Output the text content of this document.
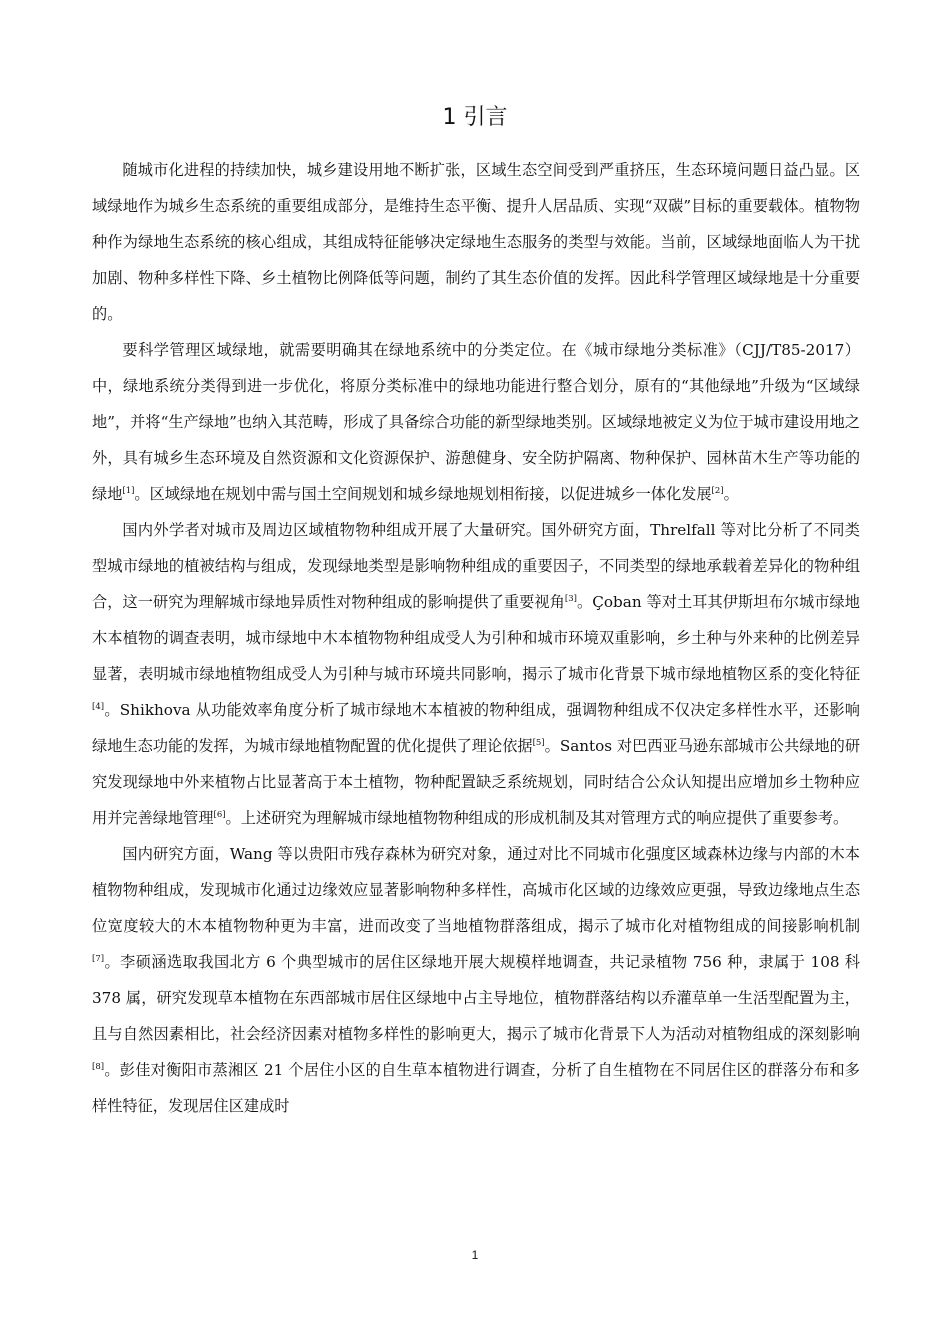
1 引言

随城市化进程的持续加快，城乡建设用地不断扩张，区域生态空间受到严重挤压，生态环境问题日益凸显。区域绿地作为城乡生态系统的重要组成部分，是维持生态平衡、提升人居品质、实现“双碳”目标的重要载体。植物物种作为绿地生态系统的核心组成，其组成特征能够决定绿地生态服务的类型与效能。当前，区域绿地面临人为干扰加剧、物种多样性下降、乡土植物比例降低等问题，制约了其生态价值的发挥。因此科学管理区域绿地是十分重要的。

要科学管理区域绿地，就需要明确其在绿地系统中的分类定位。在《城市绿地分类标准》（CJJ/T85-2017）中，绿地系统分类得到进一步优化，将原分类标准中的绿地功能进行整合划分，原有的“其他绿地”升级为“区域绿地”，并将“生产绿地”也纳入其范畴，形成了具备综合功能的新型绿地类别。区域绿地被定义为位于城市建设用地之外，具有城乡生态环境及自然资源和文化资源保护、游憩健身、安全防护隔离、物种保护、园林苗木生产等功能的绿地[1]。区域绿地在规划中需与国土空间规划和城乡绿地规划相衔接，以促进城乡一体化发展[2]。

国内外学者对城市及周边区域植物物种组成开展了大量研究。国外研究方面，Threlfall 等对比分析了不同类型城市绿地的植被结构与组成，发现绿地类型是影响物种组成的重要因子，不同类型的绿地承载着差异化的物种组合，这一研究为理解城市绿地异质性对物种组成的影响提供了重要视角[3]。Çoban 等对土耳其伊斯坦布尔城市绿地木本植物的调查表明，城市绿地中木本植物物种组成受人为引种和城市环境双重影响，乡土种与外来种的比例差异显著，表明城市绿地植物组成受人为引种与城市环境共同影响，揭示了城市化背景下城市绿地植物区系的变化特征[4]。Shikhova 从功能效率角度分析了城市绿地木本植被的物种组成，强调物种组成不仅决定多样性水平，还影响绿地生态功能的发挥，为城市绿地植物配置的优化提供了理论依据[5]。Santos 对巴西亚马逊东部城市公共绿地的研究发现绿地中外来植物占比显著高于本土植物，物种配置缺乏系统规划，同时结合公众认知提出应增加乡土物种应用并完善绿地管理[6]。上述研究为理解城市绿地植物物种组成的形成机制及其对管理方式的响应提供了重要参考。

国内研究方面，Wang 等以贵阳市残存森林为研究对象，通过对比不同城市化强度区域森林边缘与内部的木本植物物种组成，发现城市化通过边缘效应显著影响物种多样性，高城市化区域的边缘效应更强，导致边缘地点生态位宽度较大的木本植物物种更为丰富，进而改变了当地植物群落组成，揭示了城市化对植物组成的间接影响机制[7]。李硕涵选取我国北方 6 个典型城市的居住区绿地开展大规模样地调查，共记录植物 756 种，隶属于 108 科 378 属，研究发现草本植物在东西部城市居住区绿地中占主导地位，植物群落结构以乔灌草单一生活型配置为主，且与自然因素相比，社会经济因素对植物多样性的影响更大，揭示了城市化背景下人为活动对植物组成的深刻影响[8]。彭佳对衡阳市蒸湘区 21 个居住小区的自生草本植物进行调查，分析了自生植物在不同居住区的群落分布和多样性特征，发现居住区建成时

1
